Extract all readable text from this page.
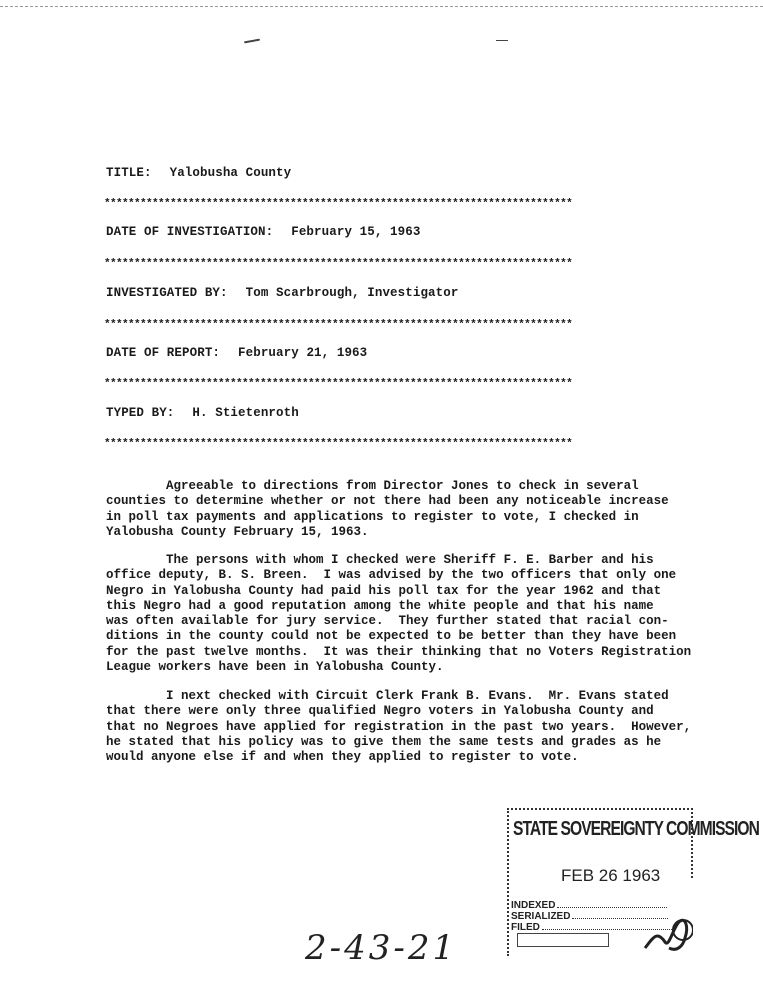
TITLE: Yalobusha County
******************************************************************************
DATE OF INVESTIGATION: February 15, 1963
******************************************************************************
INVESTIGATED BY: Tom Scarbrough, Investigator
******************************************************************************
DATE OF REPORT: February 21, 1963
******************************************************************************
TYPED BY: H. Stietenroth
******************************************************************************
Agreeable to directions from Director Jones to check in several
counties to determine whether or not there had been any noticeable increase
in poll tax payments and applications to register to vote, I checked in
Yalobusha County February 15, 1963.
The persons with whom I checked were Sheriff F. E. Barber and his
office deputy, B. S. Breen.  I was advised by the two officers that only one
Negro in Yalobusha County had paid his poll tax for the year 1962 and that
this Negro had a good reputation among the white people and that his name
was often available for jury service.  They further stated that racial con-
ditions in the county could not be expected to be better than they have been
for the past twelve months.  It was their thinking that no Voters Registration
League workers have been in Yalobusha County.
I next checked with Circuit Clerk Frank B. Evans.  Mr. Evans stated
that there were only three qualified Negro voters in Yalobusha County and
that no Negroes have applied for registration in the past two years.  However,
he stated that his policy was to give them the same tests and grades as he
would anyone else if and when they applied to register to vote.
STATE SOVEREIGNTY COMMISSION
FEB 26 1963
INDEXED
SERIALIZED
FILED
2-43-21
